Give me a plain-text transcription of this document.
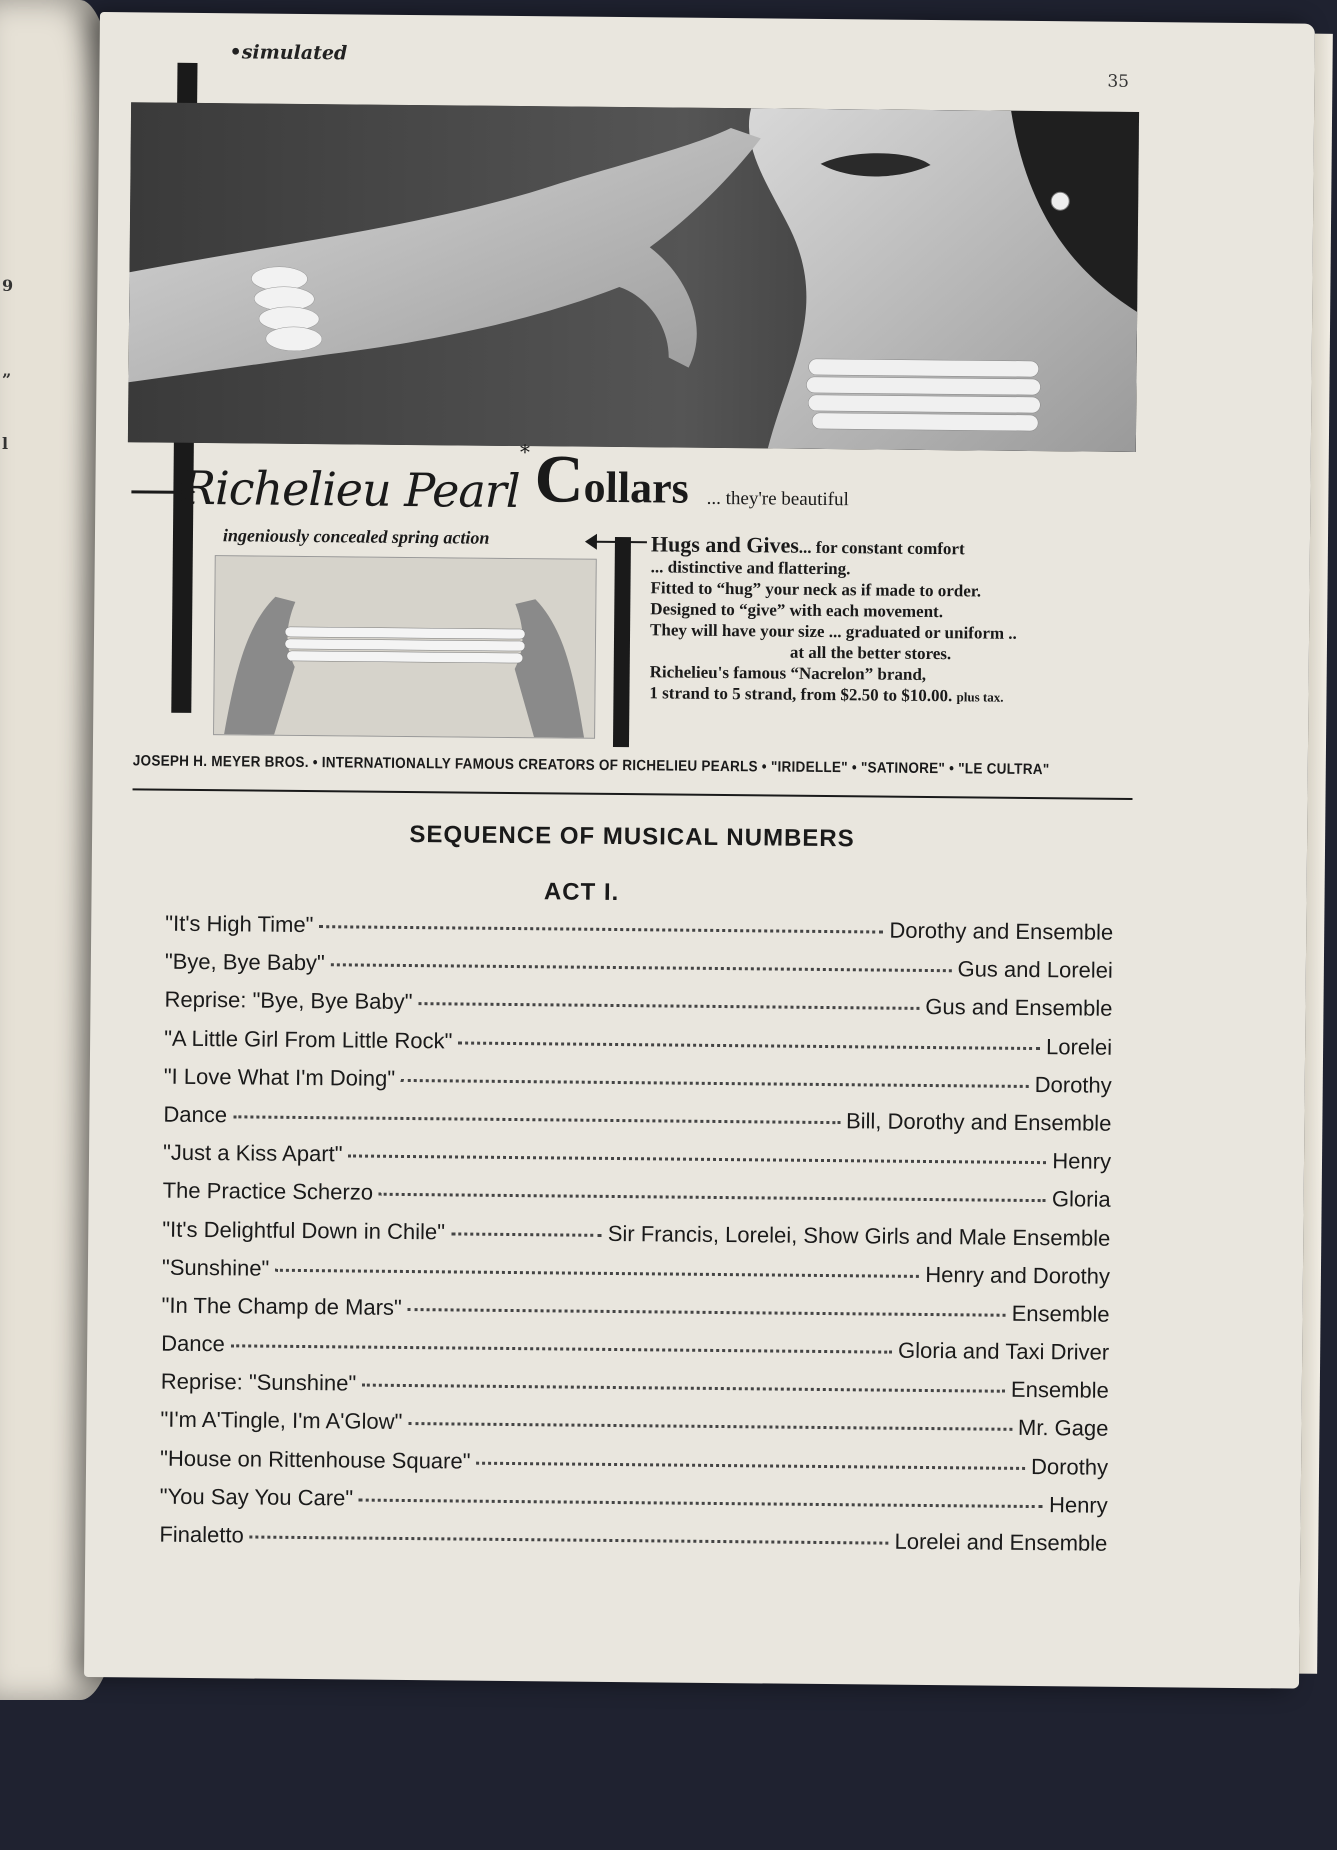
9
”
l
•simulated
35
Richelieu Pearl* Collars ... they're beautiful
ingeniously concealed spring action	Hugs and Gives... for constant comfort
... distinctive and flattering.
Fitted to “hug” your neck as if made to order.
Designed to “give” with each movement.
They will have your size ... graduated or uniform ..
at all the better stores.
Richelieu's famous “Nacrelon” brand,
1 strand to 5 strand, from $2.50 to $10.00. plus tax.
JOSEPH H. MEYER BROS. • INTERNATIONALLY FAMOUS CREATORS OF RICHELIEU PEARLS • "IRIDELLE" • "SATINORE" • "LE CULTRA"
SEQUENCE OF MUSICAL NUMBERS
ACT I.
"It's High Time"	Dorothy and Ensemble
"Bye, Bye Baby"	Gus and Lorelei
Reprise: "Bye, Bye Baby"	Gus and Ensemble
"A Little Girl From Little Rock"	Lorelei
"I Love What I'm Doing"	Dorothy
Dance	Bill, Dorothy and Ensemble
"Just a Kiss Apart"	Henry
The Practice Scherzo	Gloria
"It's Delightful Down in Chile"	Sir Francis, Lorelei, Show Girls and Male Ensemble
"Sunshine"	Henry and Dorothy
"In The Champ de Mars"	Ensemble
Dance	Gloria and Taxi Driver
Reprise: "Sunshine"	Ensemble
"I'm A'Tingle, I'm A'Glow"	Mr. Gage
"House on Rittenhouse Square"	Dorothy
"You Say You Care"	Henry
Finaletto	Lorelei and Ensemble
